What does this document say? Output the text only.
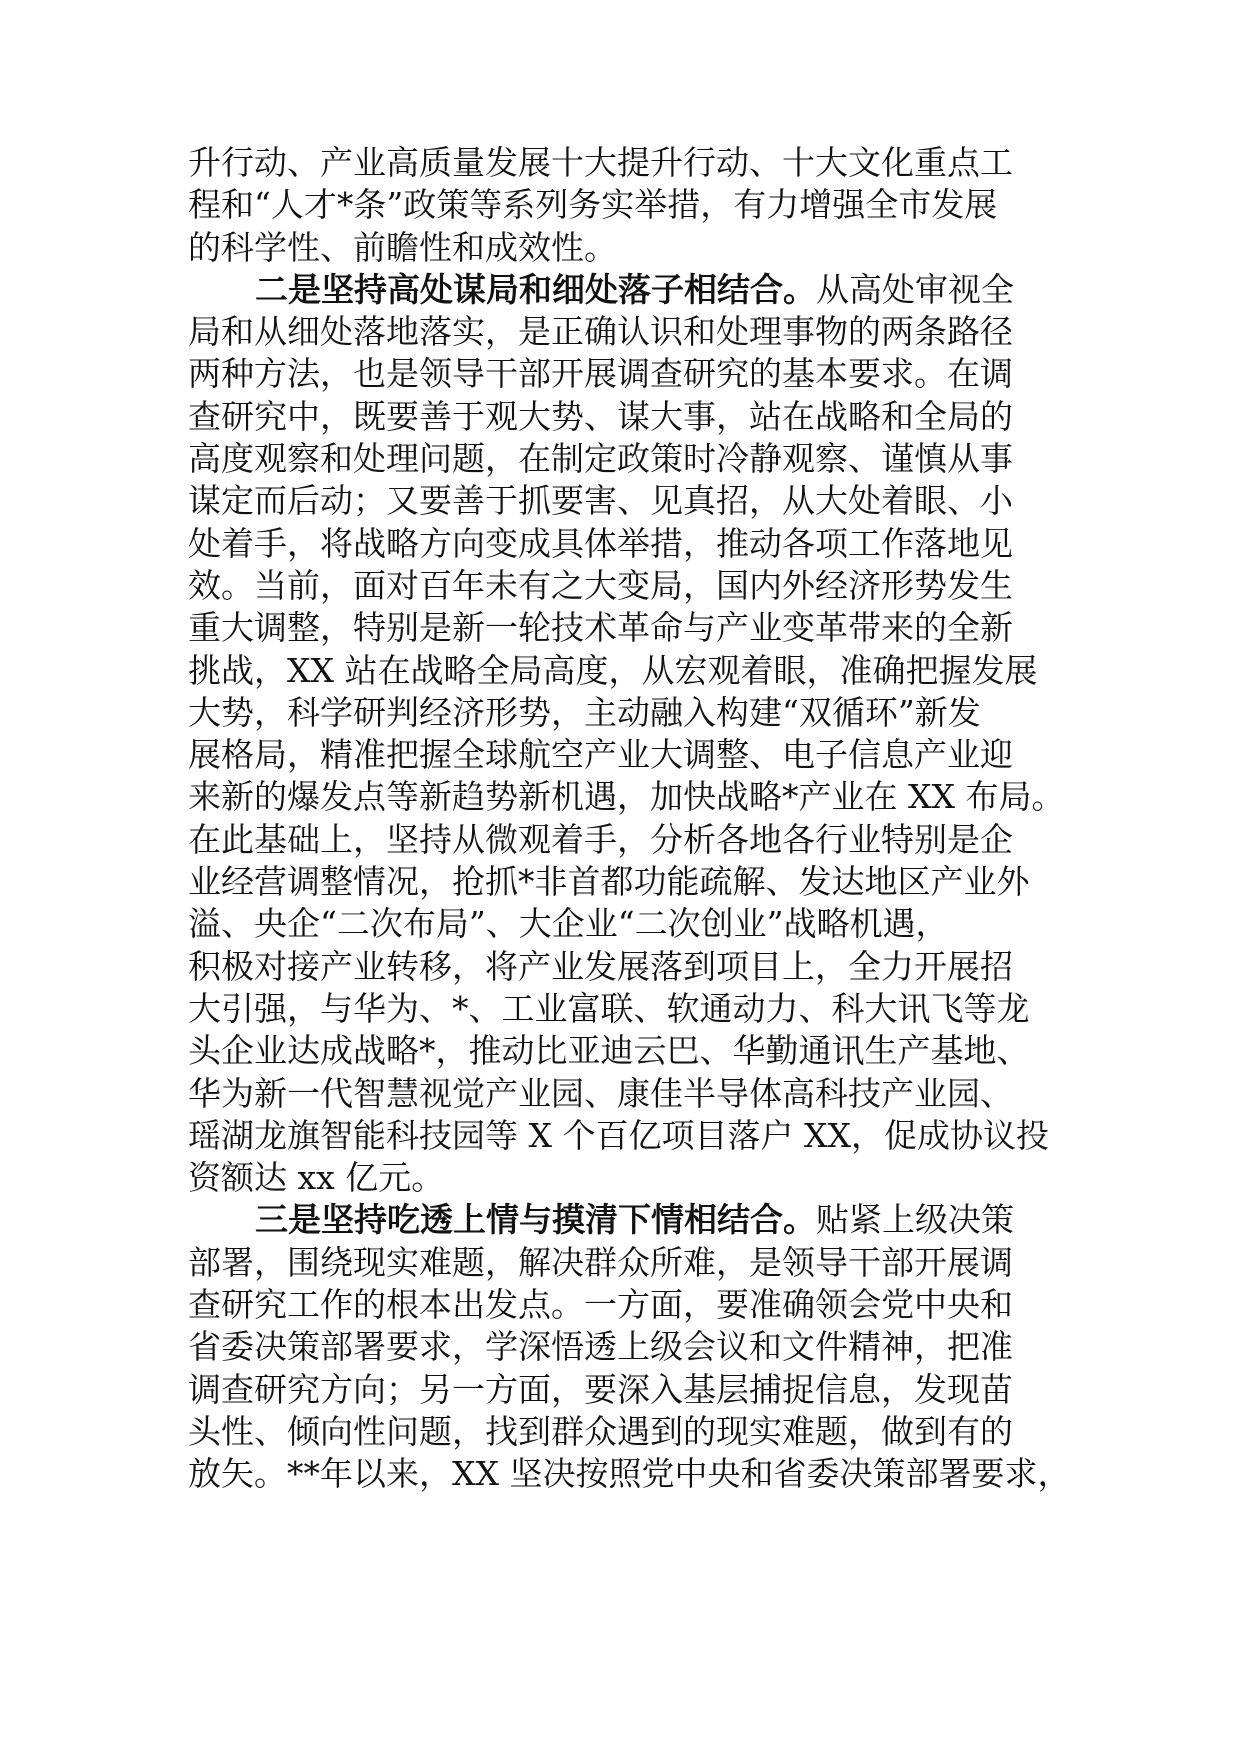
升行动、产业高质量发展十大提升行动、十大文化重点工
程和“人才*条”政策等系列务实举措，有力增强全市发展
的科学性、前瞻性和成效性。
二是坚持高处谋局和细处落子相结合。从高处审视全
局和从细处落地落实，是正确认识和处理事物的两条路径
两种方法，也是领导干部开展调查研究的基本要求。在调
查研究中，既要善于观大势、谋大事，站在战略和全局的
高度观察和处理问题，在制定政策时冷静观察、谨慎从事
谋定而后动；又要善于抓要害、见真招，从大处着眼、小
处着手，将战略方向变成具体举措，推动各项工作落地见
效。当前，面对百年未有之大变局，国内外经济形势发生
重大调整，特别是新一轮技术革命与产业变革带来的全新
挑战，XX 站在战略全局高度，从宏观着眼，准确把握发展
大势，科学研判经济形势，主动融入构建“双循环”新发
展格局，精准把握全球航空产业大调整、电子信息产业迎
来新的爆发点等新趋势新机遇，加快战略*产业在 XX 布局。
在此基础上，坚持从微观着手，分析各地各行业特别是企
业经营调整情况，抢抓*非首都功能疏解、发达地区产业外
溢、央企“二次布局”、大企业“二次创业”战略机遇，
积极对接产业转移，将产业发展落到项目上，全力开展招
大引强，与华为、*、工业富联、软通动力、科大讯飞等龙
头企业达成战略*，推动比亚迪云巴、华勤通讯生产基地、
华为新一代智慧视觉产业园、康佳半导体高科技产业园、
瑶湖龙旗智能科技园等 X 个百亿项目落户 XX，促成协议投
资额达 xx 亿元。
三是坚持吃透上情与摸清下情相结合。贴紧上级决策
部署，围绕现实难题，解决群众所难，是领导干部开展调
查研究工作的根本出发点。一方面，要准确领会党中央和
省委决策部署要求，学深悟透上级会议和文件精神，把准
调查研究方向；另一方面，要深入基层捕捉信息，发现苗
头性、倾向性问题，找到群众遇到的现实难题，做到有的
放矢。**年以来，XX 坚决按照党中央和省委决策部署要求，
